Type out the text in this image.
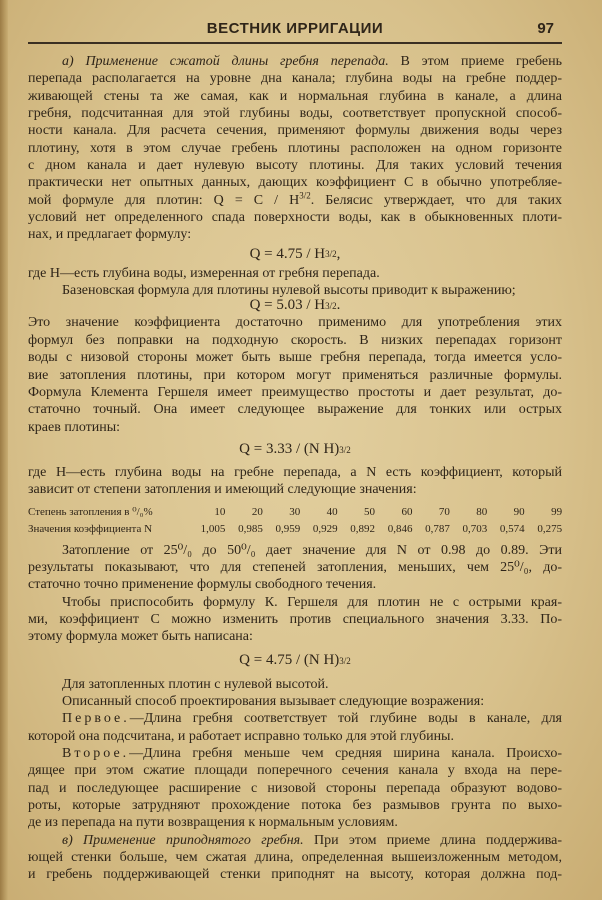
ВЕСТНИК ИРРИГАЦИИ	97
а) Применение сжатой длины гребня перепада. В этом приеме гребень
перепада располагается на уровне дна канала; глубина воды на гребне поддер-
живающей стены та же самая, как и нормальная глубина в канале, а длина
гребня, подсчитанная для этой глубины воды, соответствует пропускной способ-
ности канала. Для расчета сечения, применяют формулы движения воды через
плотину, хотя в этом случае гребень плотины расположен на одном горизонте
с дном канала и дает нулевую высоту плотины. Для таких условий течения
практически нет опытных данных, дающих коэффициент C в обычно употребляе-
мой формуле для плотин: $Q = C / H^{3/2}$. Белясис утверждает, что для таких
условий нет определенного спада поверхности воды, как в обыкновенных плоти-
нах, и предлагает формулу:
Q = 4.75 / H 3/2 ,
где H—есть глубина воды, измеренная от гребня перепада.
Базеновская формула для плотины нулевой высоты приводит к выражению;
Q = 5.03 / H 3/2 .
Это значение коэффициента достаточно применимо для употребления этих
формул без поправки на подходную скорость. В низких перепадах горизонт
воды с низовой стороны может быть выше гребня перепада, тогда имеется усло-
вие затопления плотины, при котором могут применяться различные формулы.
Формула Клемента Гершеля имеет преимущество простоты и дает результат, до-
статочно точный. Она имеет следующее выражение для тонких или острых
краев плотины:
Q = 3.33 / (N H) 3/2
где H—есть глубина воды на гребне перепада, а N есть коэффициент, который
зависит от степени затопления и имеющий следующие значения:
Степень затопления в ⁰/₀%	10	20	30	40	50	60	70	80	90	99
Значения коэффициента N	1,005	0,985	0,959	0,929	0,892	0,846	0,787	0,703	0,574	0,275
Затопление от 25⁰/₀ до 50⁰/₀ дает значение для N от 0.98 до 0.89. Эти
результаты показывают, что для степеней затопления, меньших, чем 25⁰/₀, до-
статочно точно применение формулы свободного течения.
Чтобы приспособить формулу К. Гершеля для плотин не с острыми края-
ми, коэффициент C можно изменить против специального значения 3.33. По-
этому формула может быть написана:
Q = 4.75 / (N H) 3/2
Для затопленных плотин с нулевой высотой.
Описанный способ проектирования вызывает следующие возражения:
Первое.—Длина гребня соответствует той глубине воды в канале, для
которой она подсчитана, и работает исправно только для этой глубины.
Второе.—Длина гребня меньше чем средняя ширина канала. Происхо-
дящее при этом сжатие площади поперечного сечения канала у входа на пере-
пад и последующее расширение с низовой стороны перепада образуют водово-
роты, которые затрудняют прохождение потока без размывов грунта по выхо-
де из перепада на пути возвращения к нормальным условиям.
в) Применение приподнятого гребня. При этом приеме длина поддержива-
ющей стенки больше, чем сжатая длина, определенная вышеизложенным методом,
и гребень поддерживающей стенки приподнят на высоту, которая должна под-
